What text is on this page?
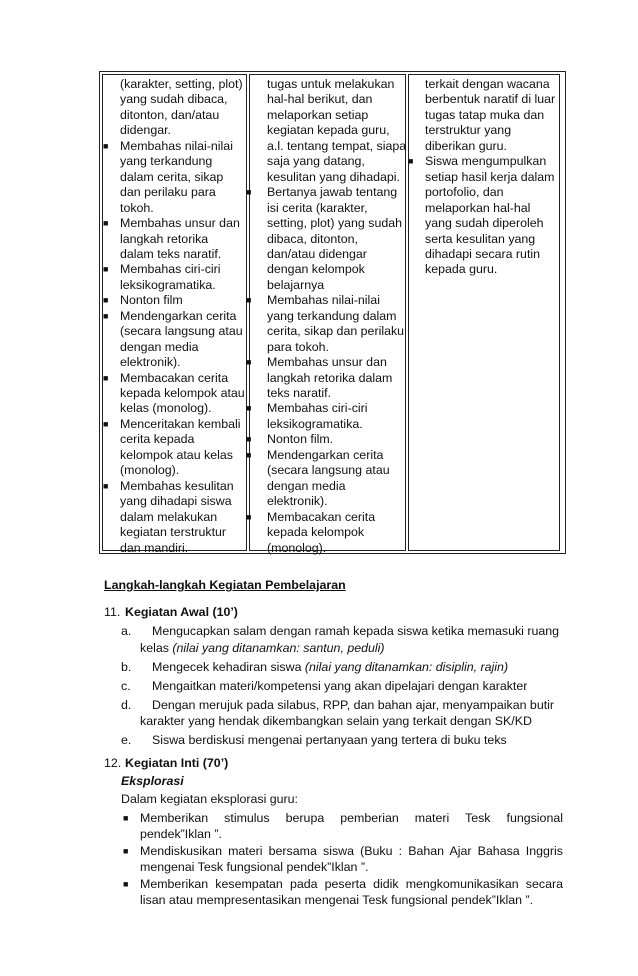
(karakter, setting, plot)
yang sudah dibaca,
ditonton, dan/atau
didengar.
■ Membahas nilai-nilai
yang terkandung
dalam cerita, sikap
dan perilaku para
tokoh.
■ Membahas unsur dan
langkah retorika
dalam teks naratif.
■ Membahas ciri-ciri
leksikogramatika.
■ Nonton film
■ Mendengarkan cerita
(secara langsung atau
dengan media
elektronik).
■ Membacakan cerita
kepada kelompok atau
kelas (monolog).
■ Menceritakan kembali
cerita kepada
kelompok atau kelas
(monolog).
■ Membahas kesulitan
yang dihadapi siswa
dalam melakukan
kegiatan terstruktur
dan mandiri.
tugas untuk melakukan
hal-hal berikut, dan
melaporkan setiap
kegiatan kepada guru,
a.l. tentang tempat, siapa
saja yang datang,
kesulitan yang dihadapi.
■ Bertanya jawab tentang
isi cerita (karakter,
setting, plot) yang sudah
dibaca, ditonton,
dan/atau didengar
dengan kelompok
belajarnya
■ Membahas nilai-nilai
yang terkandung dalam
cerita, sikap dan perilaku
para tokoh.
■ Membahas unsur dan
langkah retorika dalam
teks naratif.
■ Membahas ciri-ciri
leksikogramatika.
■ Nonton film.
■ Mendengarkan cerita
(secara langsung atau
dengan media
elektronik).
■ Membacakan cerita
kepada kelompok
(monolog).
terkait dengan wacana
berbentuk naratif di luar
tugas tatap muka dan
terstruktur yang
diberikan guru.
■ Siswa mengumpulkan
setiap hasil kerja dalam
portofolio, dan
melaporkan hal-hal
yang sudah diperoleh
serta kesulitan yang
dihadapi secara rutin
kepada guru.
Langkah-langkah Kegiatan Pembelajaran
11. Kegiatan Awal (10’)
a. Mengucapkan salam dengan ramah kepada siswa ketika memasuki ruang
kelas (nilai yang ditanamkan: santun, peduli)
b. Mengecek kehadiran siswa (nilai yang ditanamkan: disiplin, rajin)
c. Mengaitkan materi/kompetensi yang akan dipelajari dengan karakter
d. Dengan merujuk pada silabus, RPP, dan bahan ajar, menyampaikan butir
karakter yang hendak dikembangkan selain yang terkait dengan SK/KD
e. Siswa berdiskusi mengenai pertanyaan yang tertera di buku teks
12. Kegiatan Inti (70’)
Eksplorasi
Dalam kegiatan eksplorasi guru:
■ Memberikan stimulus berupa pemberian materi Tesk fungsional
pendek”Iklan ”.
■ Mendiskusikan materi bersama siswa (Buku : Bahan Ajar Bahasa Inggris
mengenai Tesk fungsional pendek”Iklan ”.
■ Memberikan kesempatan pada peserta didik mengkomunikasikan secara
lisan atau mempresentasikan mengenai Tesk fungsional pendek”Iklan ”.
